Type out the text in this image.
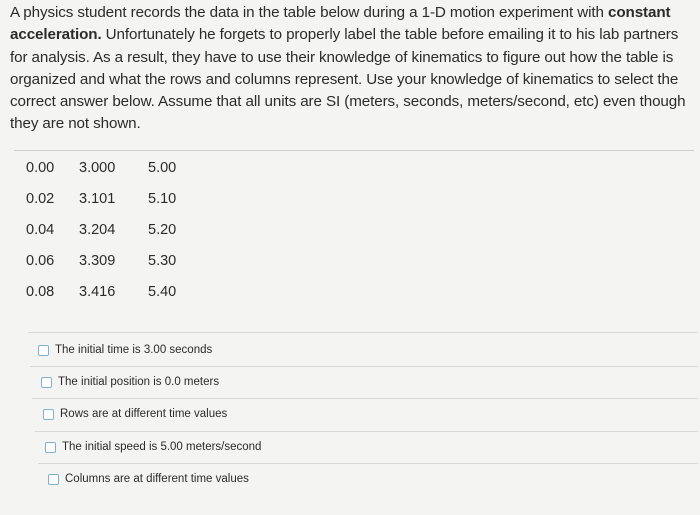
A physics student records the data in the table below during a 1-D motion experiment with constant acceleration. Unfortunately he forgets to properly label the table before emailing it to his lab partners for analysis. As a result, they have to use their knowledge of kinematics to figure out how the table is organized and what the rows and columns represent. Use your knowledge of kinematics to select the correct answer below. Assume that all units are SI (meters, seconds, meters/second, etc) even though they are not shown.
0.00 3.000 5.00
0.02 3.101 5.10
0.04 3.204 5.20
0.06 3.309 5.30
0.08 3.416 5.40
The initial time is 3.00 seconds
The initial position is 0.0 meters
Rows are at different time values
The initial speed is 5.00 meters/second
Columns are at different time values
